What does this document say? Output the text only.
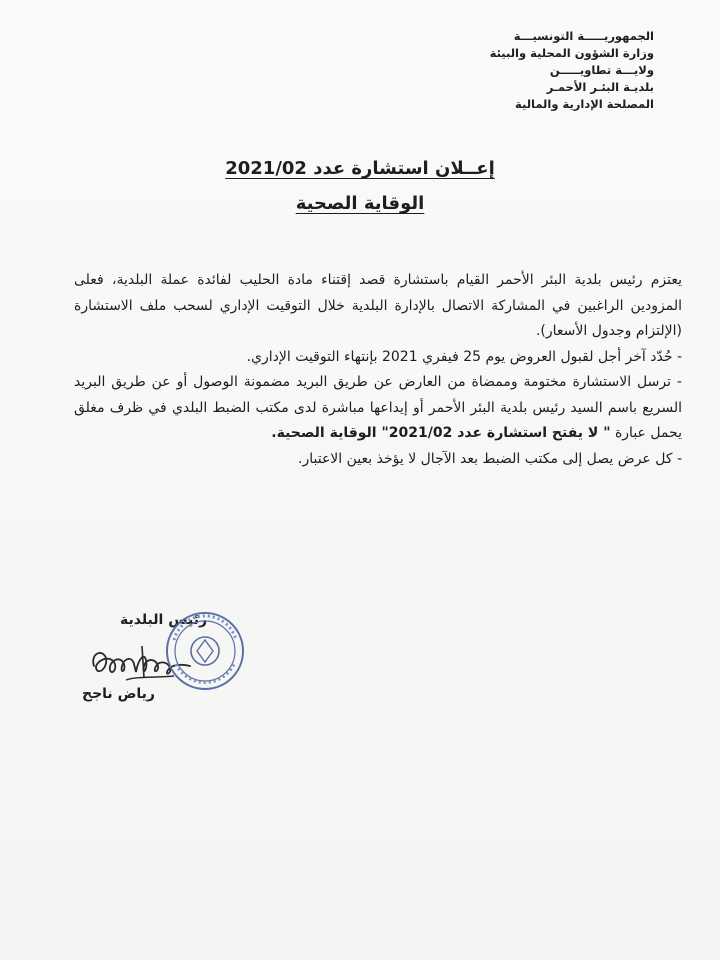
الجمهوريـــــة التونسيـــة
وزارة الشؤون المحلية والبيئة
ولايـــة تطاويـــــن
بلديـة البئـر الأحمـر
المصلحة الإدارية والمالية
إعــلان استشارة عدد 2021/02
الوقاية الصحية

يعتزم رئيس بلدية البئر الأحمر القيام باستشارة قصد إقتناء مادة الحليب لفائدة عملة البلدية، فعلى المزودين الراغبين في المشاركة الاتصال بالإدارة البلدية خلال التوقيت الإداري لسحب ملف الاستشارة (الإلتزام وجدول الأسعار).

- حُدّد آخر أجل لقبول العروض يوم 25 فيفري 2021 بإنتهاء التوقيت الإداري.

- ترسل الاستشارة مختومة وممضاة من العارض عن طريق البريد مضمونة الوصول أو عن طريق البريد السريع باسم السيد رئيس بلدية البئر الأحمر أو إيداعها مباشرة لدى مكتب الضبط البلدي في ظرف مغلق يحمل عبارة " لا يفتح استشارة عدد 2021/02" الوقاية الصحية.

- كل عرض يصل إلى مكتب الضبط بعد الآجال لا يؤخذ بعين الاعتبار.

رئيس البلدية
رياض ناجح
